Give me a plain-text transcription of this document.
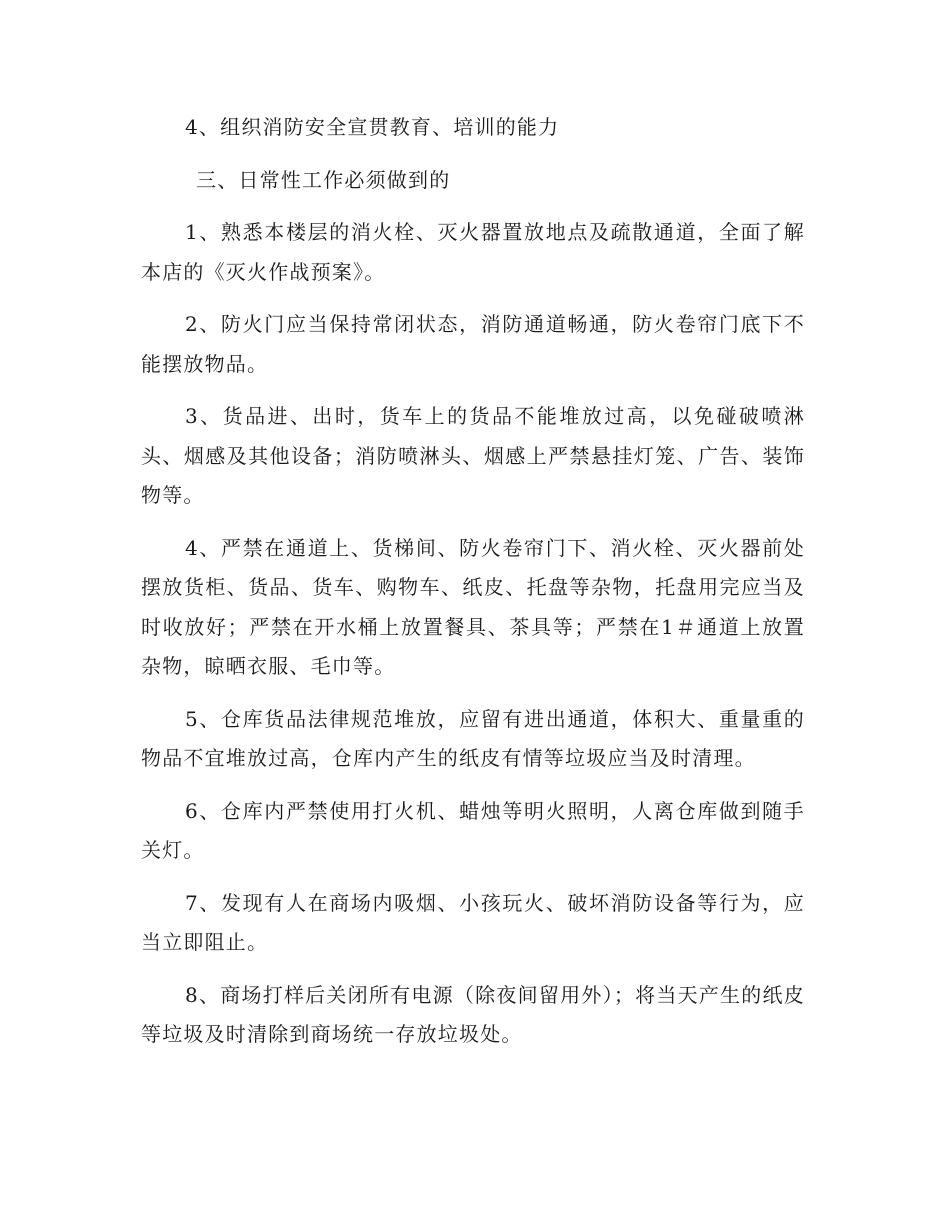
4、组织消防安全宣贯教育、培训的能力

三、日常性工作必须做到的

1、熟悉本楼层的消火栓、灭火器置放地点及疏散通道，全面了解本店的《灭火作战预案》。

2、防火门应当保持常闭状态，消防通道畅通，防火卷帘门底下不能摆放物品。

3、货品进、出时，货车上的货品不能堆放过高，以免碰破喷淋头、烟感及其他设备；消防喷淋头、烟感上严禁悬挂灯笼、广告、装饰物等。

4、严禁在通道上、货梯间、防火卷帘门下、消火栓、灭火器前处摆放货柜、货品、货车、购物车、纸皮、托盘等杂物，托盘用完应当及时收放好；严禁在开水桶上放置餐具、茶具等；严禁在1＃通道上放置杂物，晾晒衣服、毛巾等。

5、仓库货品法律规范堆放，应留有进出通道，体积大、重量重的物品不宜堆放过高，仓库内产生的纸皮有情等垃圾应当及时清理。

6、仓库内严禁使用打火机、蜡烛等明火照明，人离仓库做到随手关灯。

7、发现有人在商场内吸烟、小孩玩火、破坏消防设备等行为，应当立即阻止。

8、商场打样后关闭所有电源（除夜间留用外）；将当天产生的纸皮等垃圾及时清除到商场统一存放垃圾处。
